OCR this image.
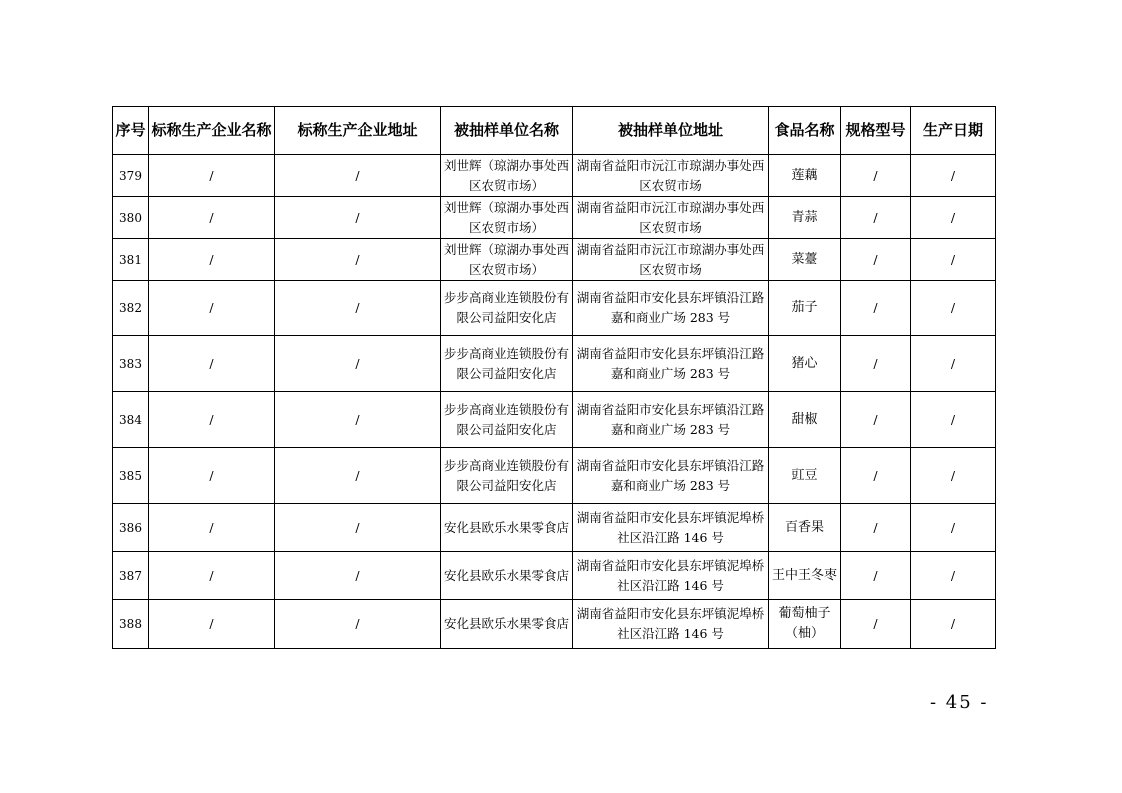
序号	标称生产企业名称	标称生产企业地址	被抽样单位名称	被抽样单位地址	食品名称	规格型号	生产日期
379	/	/	刘世辉（琼湖办事处西区农贸市场）	湖南省益阳市沅江市琼湖办事处西区农贸市场	莲藕	/	/
380	/	/	刘世辉（琼湖办事处西区农贸市场）	湖南省益阳市沅江市琼湖办事处西区农贸市场	青蒜	/	/
381	/	/	刘世辉（琼湖办事处西区农贸市场）	湖南省益阳市沅江市琼湖办事处西区农贸市场	菜薹	/	/
382	/	/	步步高商业连锁股份有限公司益阳安化店	湖南省益阳市安化县东坪镇沿江路嘉和商业广场 283 号	茄子	/	/
383	/	/	步步高商业连锁股份有限公司益阳安化店	湖南省益阳市安化县东坪镇沿江路嘉和商业广场 283 号	猪心	/	/
384	/	/	步步高商业连锁股份有限公司益阳安化店	湖南省益阳市安化县东坪镇沿江路嘉和商业广场 283 号	甜椒	/	/
385	/	/	步步高商业连锁股份有限公司益阳安化店	湖南省益阳市安化县东坪镇沿江路嘉和商业广场 283 号	豇豆	/	/
386	/	/	安化县欧乐水果零食店	湖南省益阳市安化县东坪镇泥埠桥社区沿江路 146 号	百香果	/	/
387	/	/	安化县欧乐水果零食店	湖南省益阳市安化县东坪镇泥埠桥社区沿江路 146 号	王中王冬枣	/	/
388	/	/	安化县欧乐水果零食店	湖南省益阳市安化县东坪镇泥埠桥社区沿江路 146 号	葡萄柚子（柚）	/	/
- 45 -
